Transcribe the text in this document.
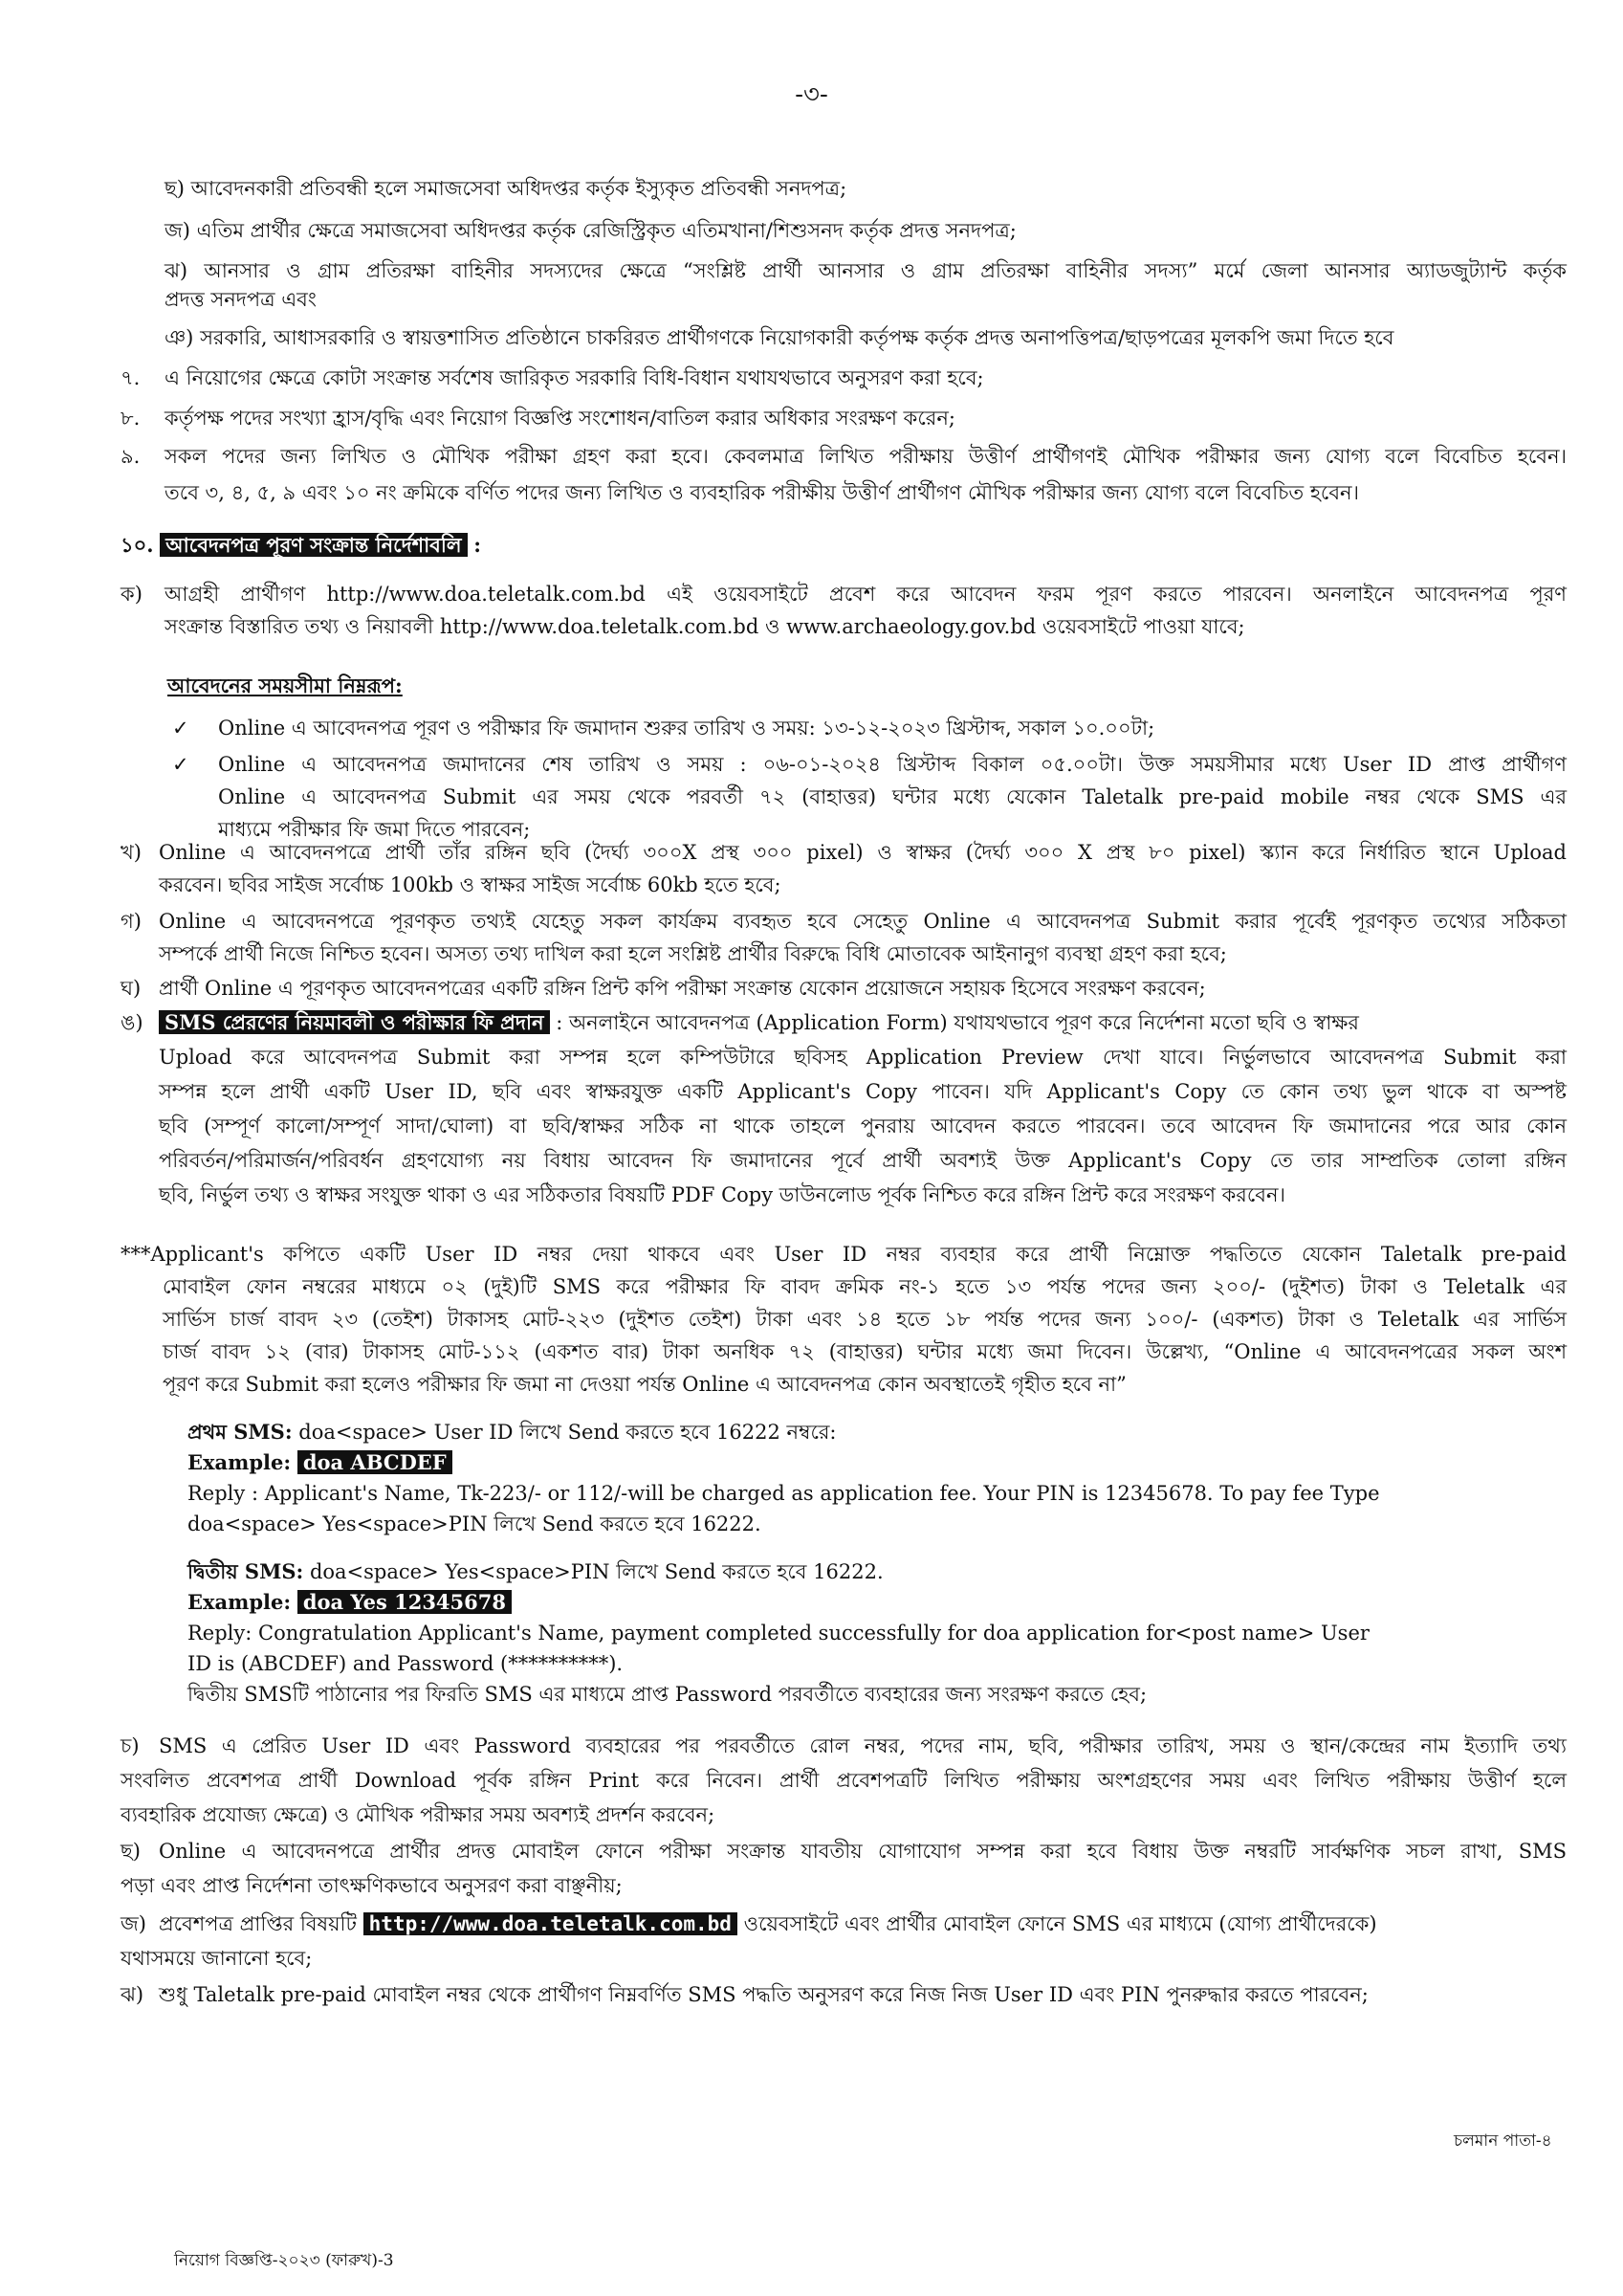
-৩-
ছ) আবেদনকারী প্রতিবন্ধী হলে সমাজসেবা অধিদপ্তর কর্তৃক ইস্যুকৃত প্রতিবন্ধী সনদপত্র;
জ) এতিম প্রার্থীর ক্ষেত্রে সমাজসেবা অধিদপ্তর কর্তৃক রেজিস্ট্রিকৃত এতিমখানা/শিশুসনদ কর্তৃক প্রদত্ত সনদপত্র;
ঝ) আনসার ও গ্রাম প্রতিরক্ষা বাহিনীর সদস্যদের ক্ষেত্রে “সংশ্লিষ্ট প্রার্থী আনসার ও গ্রাম প্রতিরক্ষা বাহিনীর সদস্য” মর্মে জেলা আনসার অ্যাডজুট্যান্ট কর্তৃক
প্রদত্ত সনদপত্র এবং
ঞ) সরকারি, আধাসরকারি ও স্বায়ত্তশাসিত প্রতিষ্ঠানে চাকরিরত প্রার্থীগণকে নিয়োগকারী কর্তৃপক্ষ কর্তৃক প্রদত্ত অনাপত্তিপত্র/ছাড়পত্রের মূলকপি জমা দিতে হবে
৭. এ নিয়োগের ক্ষেত্রে কোটা সংক্রান্ত সর্বশেষ জারিকৃত সরকারি বিধি-বিধান যথাযথভাবে অনুসরণ করা হবে;
৮. কর্তৃপক্ষ পদের সংখ্যা হ্রাস/বৃদ্ধি এবং নিয়োগ বিজ্ঞপ্তি সংশোধন/বাতিল করার অধিকার সংরক্ষণ করেন;
৯. সকল পদের জন্য লিখিত ও মৌখিক পরীক্ষা গ্রহণ করা হবে। কেবলমাত্র লিখিত পরীক্ষায় উত্তীর্ণ প্রার্থীগণই মৌখিক পরীক্ষার জন্য যোগ্য বলে বিবেচিত হবেন।
তবে ৩, ৪, ৫, ৯ এবং ১০ নং ক্রমিকে বর্ণিত পদের জন্য লিখিত ও ব্যবহারিক পরীক্ষীয় উত্তীর্ণ প্রার্থীগণ মৌখিক পরীক্ষার জন্য যোগ্য বলে বিবেচিত হবেন।
১০. আবেদনপত্র পূরণ সংক্রান্ত নির্দেশাবলি :
ক) আগ্রহী প্রার্থীগণ http://www.doa.teletalk.com.bd এই ওয়েবসাইটে প্রবেশ করে আবেদন ফরম পূরণ করতে পারবেন। অনলাইনে আবেদনপত্র পূরণ
সংক্রান্ত বিস্তারিত তথ্য ও নিয়াবলী http://www.doa.teletalk.com.bd ও www.archaeology.gov.bd ওয়েবসাইটে পাওয়া যাবে;
আবেদনের সময়সীমা নিম্নরূপ:
✓ Online এ আবেদনপত্র পূরণ ও পরীক্ষার ফি জমাদান শুরুর তারিখ ও সময়: ১৩-১২-২০২৩ খ্রিস্টাব্দ, সকাল ১০.০০টা;
✓ Online এ আবেদনপত্র জমাদানের শেষ তারিখ ও সময় : ০৬-০১-২০২৪ খ্রিস্টাব্দ বিকাল ০৫.০০টা। উক্ত সময়সীমার মধ্যে User ID প্রাপ্ত প্রার্থীগণ
Online এ আবেদনপত্র Submit এর সময় থেকে পরবর্তী ৭২ (বাহাত্তর) ঘন্টার মধ্যে যেকোন Taletalk pre-paid mobile নম্বর থেকে SMS এর
মাধ্যমে পরীক্ষার ফি জমা দিতে পারবেন;
খ) Online এ আবেদনপত্রে প্রার্থী তাঁর রঙ্গিন ছবি (দৈর্ঘ্য ৩০০X প্রস্থ ৩০০ pixel) ও স্বাক্ষর (দৈর্ঘ্য ৩০০ X প্রস্থ ৮০ pixel) স্ক্যান করে নির্ধারিত স্থানে Upload
করবেন। ছবির সাইজ সর্বোচ্চ 100kb ও স্বাক্ষর সাইজ সর্বোচ্চ 60kb হতে হবে;
গ) Online এ আবেদনপত্রে পূরণকৃত তথ্যই যেহেতু সকল কার্যক্রম ব্যবহৃত হবে সেহেতু Online এ আবেদনপত্র Submit করার পূর্বেই পূরণকৃত তথ্যের সঠিকতা
সম্পর্কে প্রার্থী নিজে নিশ্চিত হবেন। অসত্য তথ্য দাখিল করা হলে সংশ্লিষ্ট প্রার্থীর বিরুদ্ধে বিধি মোতাবেক আইনানুগ ব্যবস্থা গ্রহণ করা হবে;
ঘ) প্রার্থী Online এ পূরণকৃত আবেদনপত্রের একটি রঙ্গিন প্রিন্ট কপি পরীক্ষা সংক্রান্ত যেকোন প্রয়োজনে সহায়ক হিসেবে সংরক্ষণ করবেন;
ঙ) SMS প্রেরণের নিয়মাবলী ও পরীক্ষার ফি প্রদান : অনলাইনে আবেদনপত্র (Application Form) যথাযথভাবে পূরণ করে নির্দেশনা মতো ছবি ও স্বাক্ষর
Upload করে আবেদনপত্র Submit করা সম্পন্ন হলে কম্পিউটারে ছবিসহ Application Preview দেখা যাবে। নির্ভুলভাবে আবেদনপত্র Submit করা
সম্পন্ন হলে প্রার্থী একটি User ID, ছবি এবং স্বাক্ষরযুক্ত একটি Applicant's Copy পাবেন। যদি Applicant's Copy তে কোন তথ্য ভুল থাকে বা অস্পষ্ট
ছবি (সম্পূর্ণ কালো/সম্পূর্ণ সাদা/ঘোলা) বা ছবি/স্বাক্ষর সঠিক না থাকে তাহলে পুনরায় আবেদন করতে পারবেন। তবে আবেদন ফি জমাদানের পরে আর কোন
পরিবর্তন/পরিমার্জন/পরিবর্ধন গ্রহণযোগ্য নয় বিধায় আবেদন ফি জমাদানের পূর্বে প্রার্থী অবশ্যই উক্ত Applicant's Copy তে তার সাম্প্রতিক তোলা রঙ্গিন
ছবি, নির্ভুল তথ্য ও স্বাক্ষর সংযুক্ত থাকা ও এর সঠিকতার বিষয়টি PDF Copy ডাউনলোড পূর্বক নিশ্চিত করে রঙ্গিন প্রিন্ট করে সংরক্ষণ করবেন।
***Applicant's কপিতে একটি User ID নম্বর দেয়া থাকবে এবং User ID নম্বর ব্যবহার করে প্রার্থী নিম্নোক্ত পদ্ধতিতে যেকোন Taletalk pre-paid
মোবাইল ফোন নম্বরের মাধ্যমে ০২ (দুই)টি SMS করে পরীক্ষার ফি বাবদ ক্রমিক নং-১ হতে ১৩ পর্যন্ত পদের জন্য ২০০/- (দুইশত) টাকা ও Teletalk এর
সার্ভিস চার্জ বাবদ ২৩ (তেইশ) টাকাসহ মোট-২২৩ (দুইশত তেইশ) টাকা এবং ১৪ হতে ১৮ পর্যন্ত পদের জন্য ১০০/- (একশত) টাকা ও Teletalk এর সার্ভিস
চার্জ বাবদ ১২ (বার) টাকাসহ মোট-১১২ (একশত বার) টাকা অনধিক ৭২ (বাহাত্তর) ঘন্টার মধ্যে জমা দিবেন। উল্লেখ্য, “Online এ আবেদনপত্রের সকল অংশ
পূরণ করে Submit করা হলেও পরীক্ষার ফি জমা না দেওয়া পর্যন্ত Online এ আবেদনপত্র কোন অবস্থাতেই গৃহীত হবে না”
প্রথম SMS: doa<space> User ID লিখে Send করতে হবে 16222 নম্বরে:
Example: doa ABCDEF
Reply : Applicant's Name, Tk-223/- or 112/-will be charged as application fee. Your PIN is 12345678. To pay fee Type
doa<space> Yes<space>PIN লিখে Send করতে হবে 16222.
দ্বিতীয় SMS: doa<space> Yes<space>PIN লিখে Send করতে হবে 16222.
Example: doa Yes 12345678
Reply: Congratulation Applicant's Name, payment completed successfully for doa application for<post name> User
ID is (ABCDEF) and Password (**********).
দ্বিতীয় SMSটি পাঠানোর পর ফিরতি SMS এর মাধ্যমে প্রাপ্ত Password পরবর্তীতে ব্যবহারের জন্য সংরক্ষণ করতে হেব;
চ) SMS এ প্রেরিত User ID এবং Password ব্যবহারের পর পরবর্তীতে রোল নম্বর, পদের নাম, ছবি, পরীক্ষার তারিখ, সময় ও স্থান/কেন্দ্রের নাম ইত্যাদি তথ্য
সংবলিত প্রবেশপত্র প্রার্থী Download পূর্বক রঙ্গিন Print করে নিবেন। প্রার্থী প্রবেশপত্রটি লিখিত পরীক্ষায় অংশগ্রহণের সময় এবং লিখিত পরীক্ষায় উত্তীর্ণ হলে
ব্যবহারিক প্রযোজ্য ক্ষেত্রে) ও মৌখিক পরীক্ষার সময় অবশ্যই প্রদর্শন করবেন;
ছ) Online এ আবেদনপত্রে প্রার্থীর প্রদত্ত মোবাইল ফোনে পরীক্ষা সংক্রান্ত যাবতীয় যোগাযোগ সম্পন্ন করা হবে বিধায় উক্ত নম্বরটি সার্বক্ষণিক সচল রাখা, SMS
পড়া এবং প্রাপ্ত নির্দেশনা তাৎক্ষণিকভাবে অনুসরণ করা বাঞ্ছনীয়;
জ) প্রবেশপত্র প্রাপ্তির বিষয়টি http://www.doa.teletalk.com.bd ওয়েবসাইটে এবং প্রার্থীর মোবাইল ফোনে SMS এর মাধ্যমে (যোগ্য প্রার্থীদেরকে)
যথাসময়ে জানানো হবে;
ঝ) শুধু Taletalk pre-paid মোবাইল নম্বর থেকে প্রার্থীগণ নিম্নবর্ণিত SMS পদ্ধতি অনুসরণ করে নিজ নিজ User ID এবং PIN পুনরুদ্ধার করতে পারবেন;
চলমান পাতা-৪
নিয়োগ বিজ্ঞপ্তি-২০২৩ (ফারুখ)-3
